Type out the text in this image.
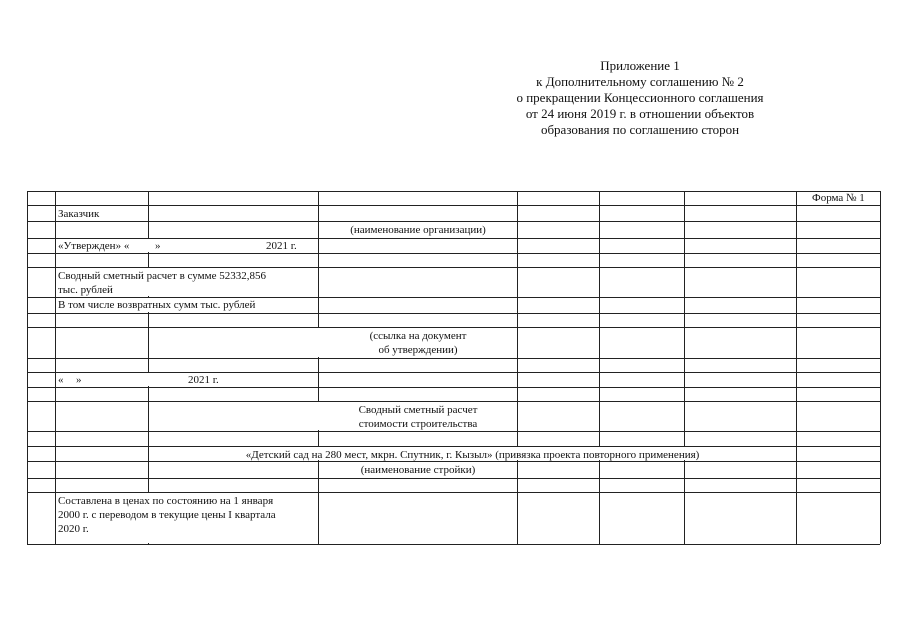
Приложение 1
к Дополнительному соглашению № 2
о прекращении Концессионного соглашения
от 24 июня 2019 г. в отношении объектов
образования по соглашению сторон
Форма № 1
Заказчик
(наименование организации)
«Утвержден» « »	2021 г.
Сводный сметный расчет в сумме 52332,856
тыс. рублей
В том числе возвратных сумм тыс. рублей
(ссылка на документ
об утверждении)
« »	2021 г.
Сводный сметный расчет
стоимости строительства
«Детский сад на 280 мест, мкрн. Спутник, г. Кызыл» (привязка проекта повторного применения)
(наименование стройки)
Составлена в ценах по состоянию на 1 января
2000 г. с переводом в текущие цены I квартала
2020 г.
